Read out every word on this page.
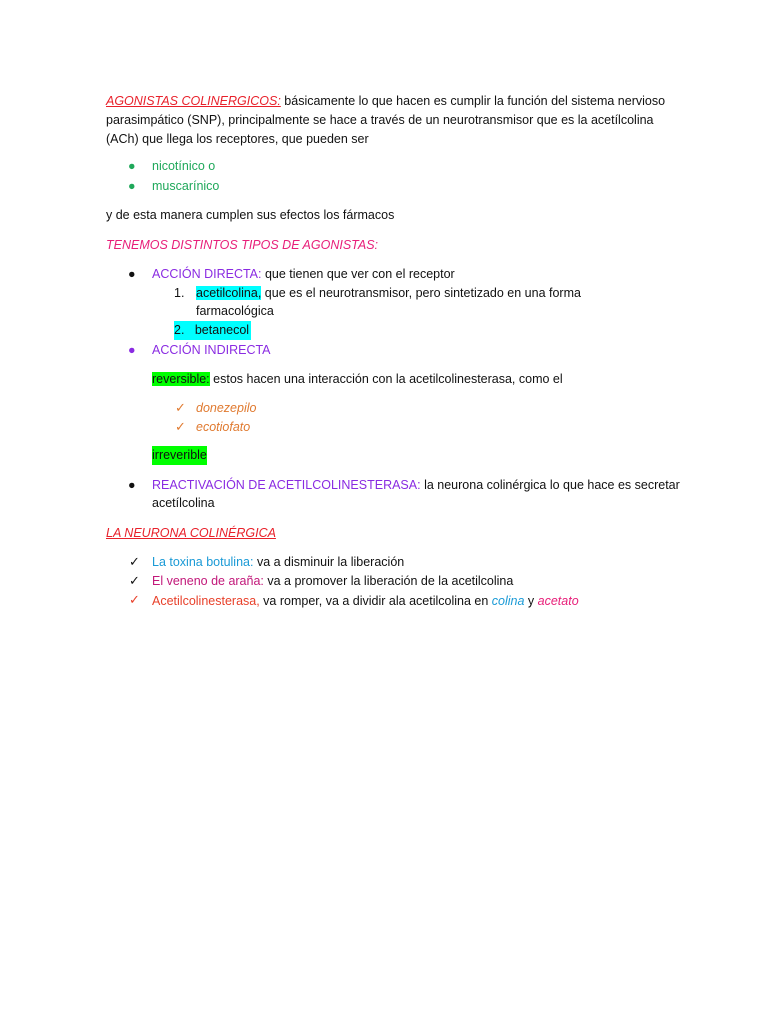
AGONISTAS COLINERGICOS: básicamente lo que hacen es cumplir la función del sistema nervioso
parasimpático (SNP), principalmente se hace a través de un neurotransmisor que es la acetílcolina
(ACh) que llega los receptores, que pueden ser
● nicotínico o
● muscarínico
y de esta manera cumplen sus efectos los fármacos
TENEMOS DISTINTOS TIPOS DE AGONISTAS:
● ACCIÓN DIRECTA: que tienen que ver con el receptor
1. acetilcolina, que es el neurotransmisor, pero sintetizado en una forma
farmacológica
2. betanecol
● ACCIÓN INDIRECTA
reversible: estos hacen una interacción con la acetilcolinesterasa, como el
✓ donezepilo
✓ ecotiofato
irreverible
● REACTIVACIÓN DE ACETILCOLINESTERASA: la neurona colinérgica lo que hace es secretar
acetílcolina
LA NEURONA COLINÉRGICA
✓ La toxina botulina: va a disminuir la liberación
✓ El veneno de araña: va a promover la liberación de la acetilcolina
✓ Acetilcolinesterasa, va romper, va a dividir ala acetilcolina en colina y acetato
